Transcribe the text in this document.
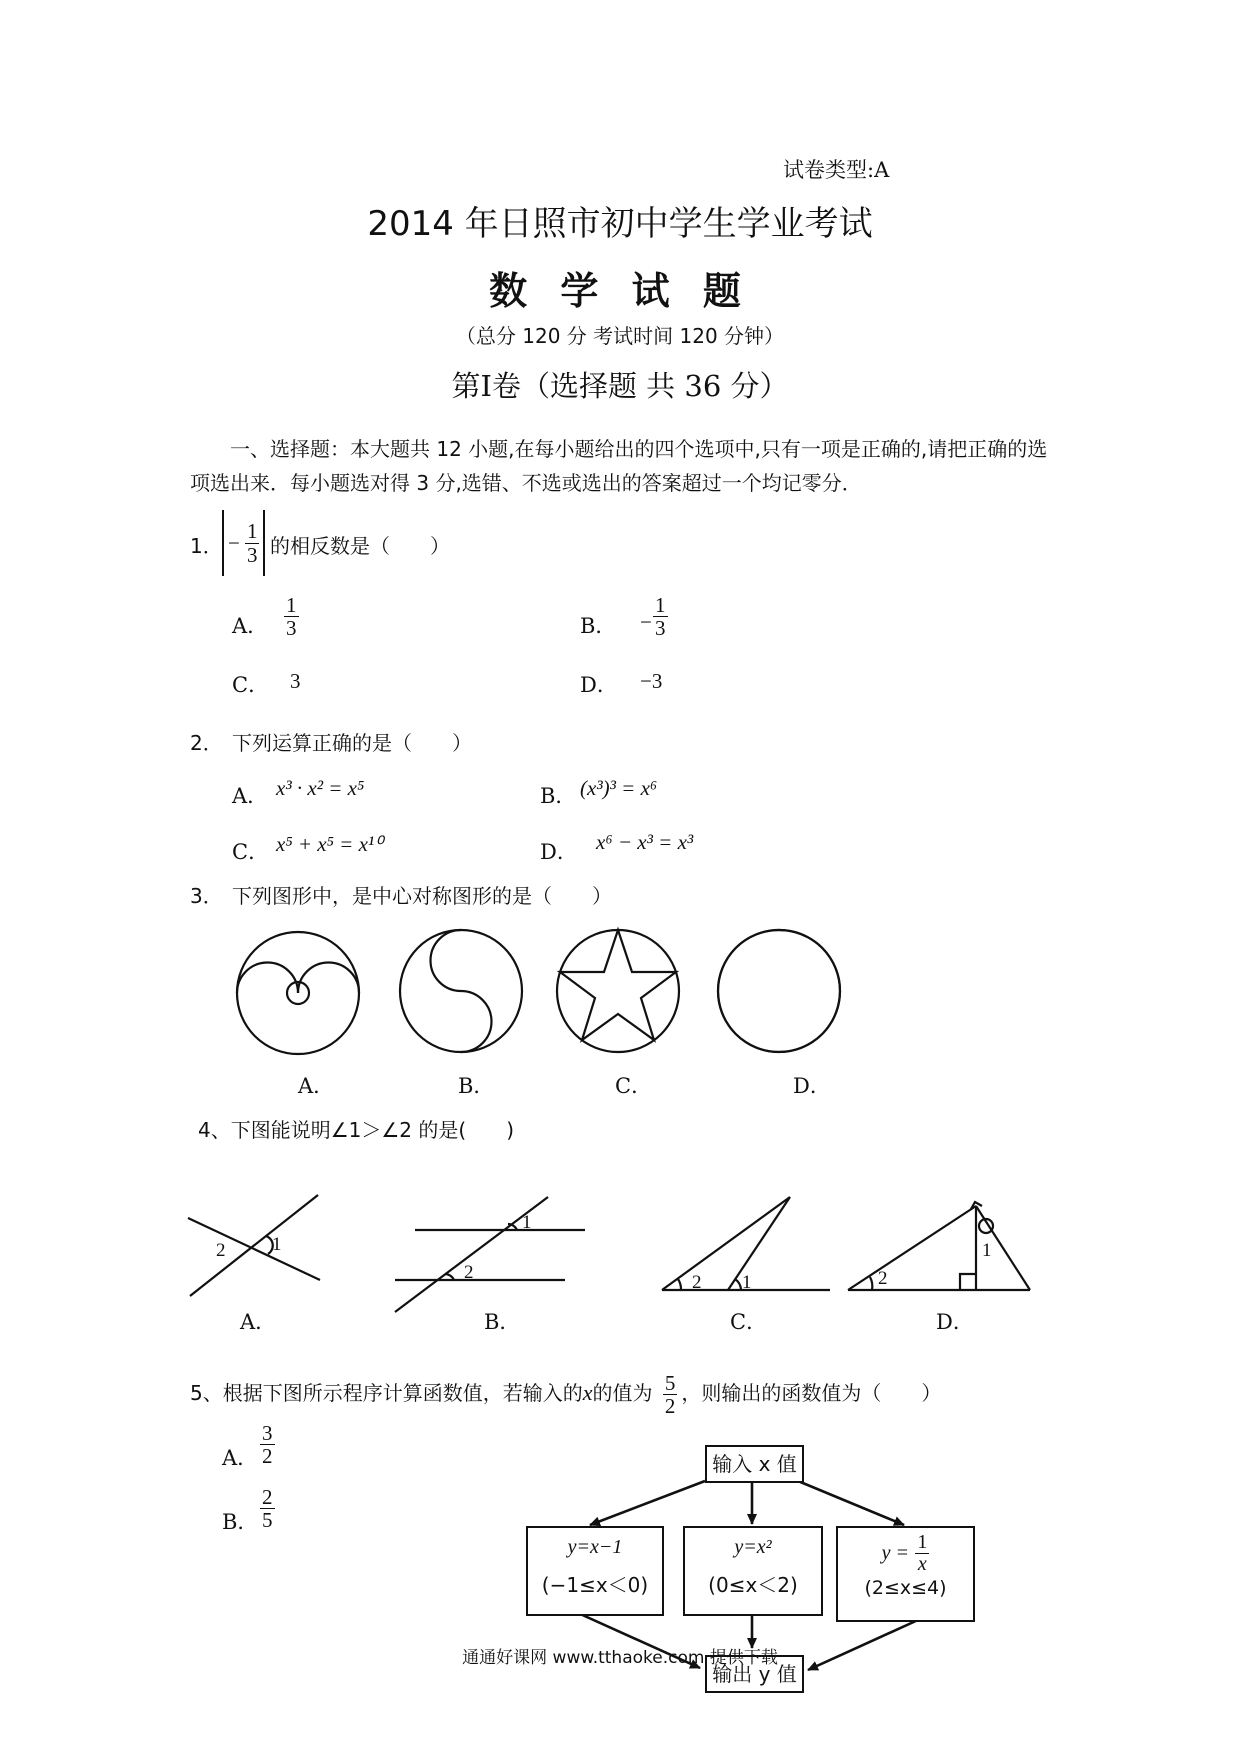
试卷类型:A
2014 年日照市初中学生学业考试
数 学 试 题
（总分 120 分 考试时间 120 分钟）
第Ⅰ卷（选择题 共 36 分）
一、选择题：本大题共 12 小题,在每小题给出的四个选项中,只有一项是正确的,请把正确的选项选出来．每小题选对得 3 分,选错、不选或选出的答案超过一个均记零分．
1． − $\frac{1}{3}$ 的相反数是（　　）
A． $\frac{1}{3}$	B． − $\frac{1}{3}$
C． 3	D． −3
2． 下列运算正确的是（　　）
A． x³ · x² = x⁵	B． (x³)³ = x⁶
C． x⁵ + x⁵ = x¹⁰	D． x⁶ − x³ = x³
3． 下列图形中，是中心对称图形的是（　　）
A．	B．	C．	D．
4、下图能说明∠1＞∠2 的是(　　)
2 1
2
1
2 1	2
1
A．	B．	C．	D．
5、根据下图所示程序计算函数值，若输入的x的值为 $\frac{5}{2}$ ，则输出的函数值为（　　）
A． $\frac{3}{2}$
B． $\frac{2}{5}$
输入 x 值
y=x−1
(−1≤x＜0)
y=x²
(0≤x＜2)
$y = \frac{1}{x}$
(2≤x≤4)
输出 y 值
通通好课网 www.tthaoke.com 提供下载
